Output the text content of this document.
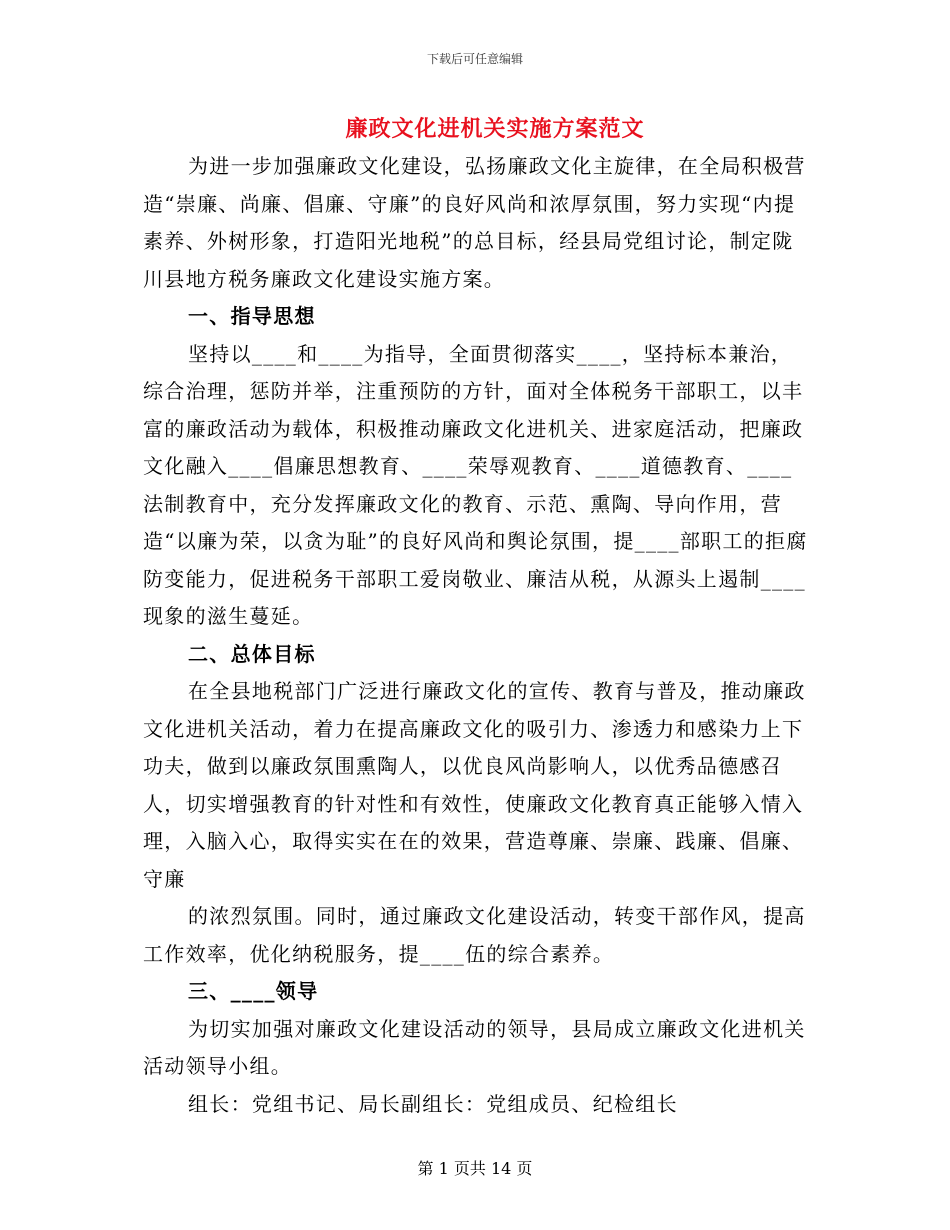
下载后可任意编辑
廉政文化进机关实施方案范文

为进一步加强廉政文化建设，弘扬廉政文化主旋律，在全局积极营造“崇廉、尚廉、倡廉、守廉”的良好风尚和浓厚氛围，努力实现“内提素养、外树形象，打造阳光地税”的总目标，经县局党组讨论，制定陇川县地方税务廉政文化建设实施方案。

一、指导思想

坚持以____和____为指导，全面贯彻落实____，坚持标本兼治，综合治理，惩防并举，注重预防的方针，面对全体税务干部职工，以丰富的廉政活动为载体，积极推动廉政文化进机关、进家庭活动，把廉政文化融入____倡廉思想教育、____荣辱观教育、____道德教育、____法制教育中，充分发挥廉政文化的教育、示范、熏陶、导向作用，营造“以廉为荣，以贪为耻”的良好风尚和舆论氛围，提____部职工的拒腐防变能力，促进税务干部职工爱岗敬业、廉洁从税，从源头上遏制____现象的滋生蔓延。

二、总体目标

在全县地税部门广泛进行廉政文化的宣传、教育与普及，推动廉政文化进机关活动，着力在提高廉政文化的吸引力、渗透力和感染力上下功夫，做到以廉政氛围熏陶人，以优良风尚影响人，以优秀品德感召人，切实增强教育的针对性和有效性，使廉政文化教育真正能够入情入理，入脑入心，取得实实在在的效果，营造尊廉、崇廉、践廉、倡廉、守廉

的浓烈氛围。同时，通过廉政文化建设活动，转变干部作风，提高工作效率，优化纳税服务，提____伍的综合素养。

三、____领导

为切实加强对廉政文化建设活动的领导，县局成立廉政文化进机关活动领导小组。

组长：党组书记、局长副组长：党组成员、纪检组长

第 1 页共 14 页
